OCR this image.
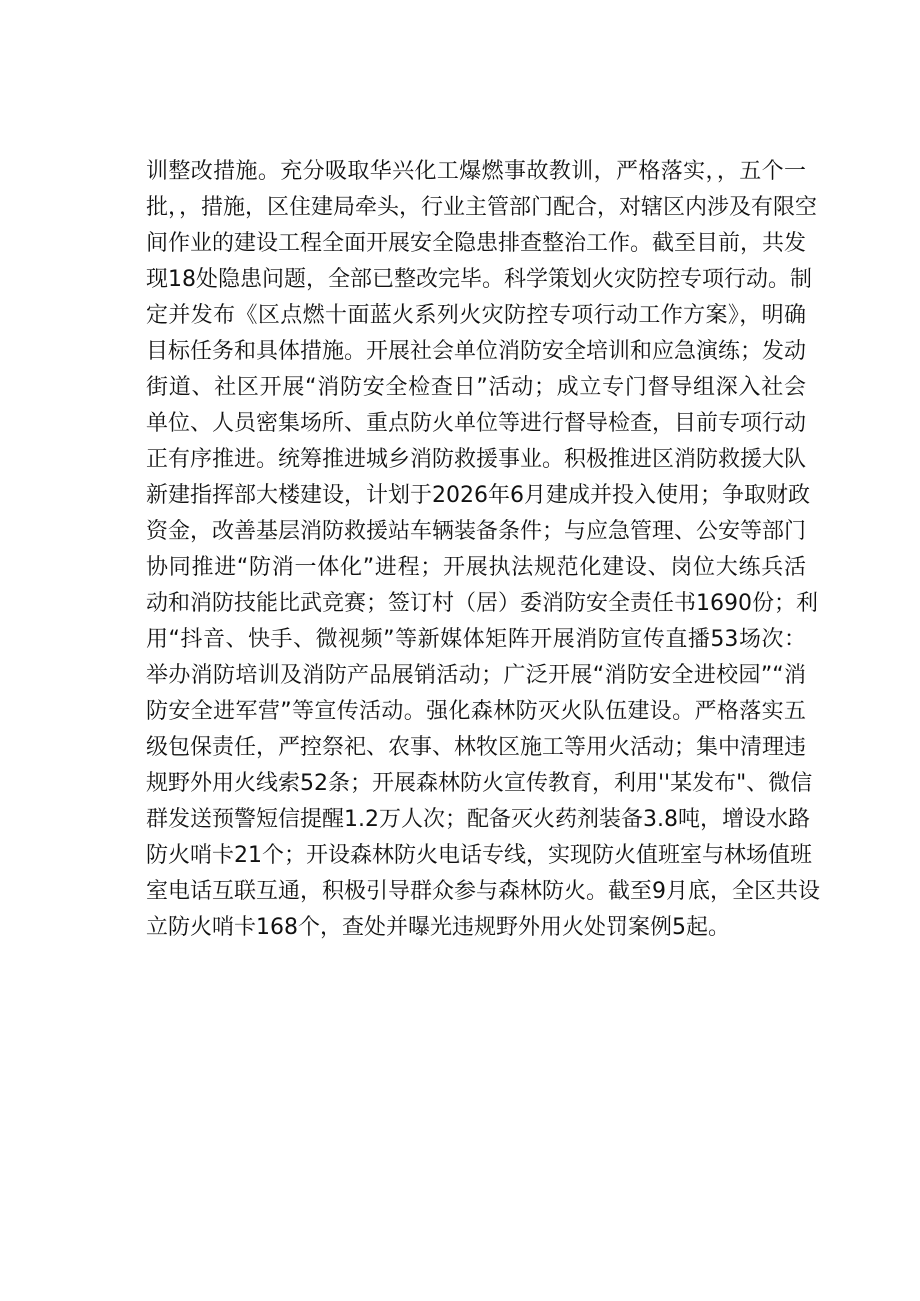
训整改措施。充分吸取华兴化工爆燃事故教训，严格落实，，五个一
批，，措施，区住建局牵头，行业主管部门配合，对辖区内涉及有限空
间作业的建设工程全面开展安全隐患排查整治工作。截至目前，共发
现18处隐患问题，全部已整改完毕。科学策划火灾防控专项行动。制
定并发布《区点燃十面蓝火系列火灾防控专项行动工作方案》，明确
目标任务和具体措施。开展社会单位消防安全培训和应急演练；发动
街道、社区开展“消防安全检查日”活动；成立专门督导组深入社会
单位、人员密集场所、重点防火单位等进行督导检查，目前专项行动
正有序推进。统筹推进城乡消防救援事业。积极推进区消防救援大队
新建指挥部大楼建设，计划于2026年6月建成并投入使用；争取财政
资金，改善基层消防救援站车辆装备条件；与应急管理、公安等部门
协同推进“防消一体化”进程；开展执法规范化建设、岗位大练兵活
动和消防技能比武竞赛；签订村（居）委消防安全责任书1690份；利
用“抖音、快手、微视频”等新媒体矩阵开展消防宣传直播53场次：
举办消防培训及消防产品展销活动；广泛开展“消防安全进校园”“消
防安全进军营”等宣传活动。强化森林防灭火队伍建设。严格落实五
级包保责任，严控祭祀、农事、林牧区施工等用火活动；集中清理违
规野外用火线索52条；开展森林防火宣传教育，利用''某发布"、微信
群发送预警短信提醒1.2万人次；配备灭火药剂装备3.8吨，增设水路
防火哨卡21个；开设森林防火电话专线，实现防火值班室与林场值班
室电话互联互通，积极引导群众参与森林防火。截至9月底，全区共设
立防火哨卡168个，查处并曝光违规野外用火处罚案例5起。
